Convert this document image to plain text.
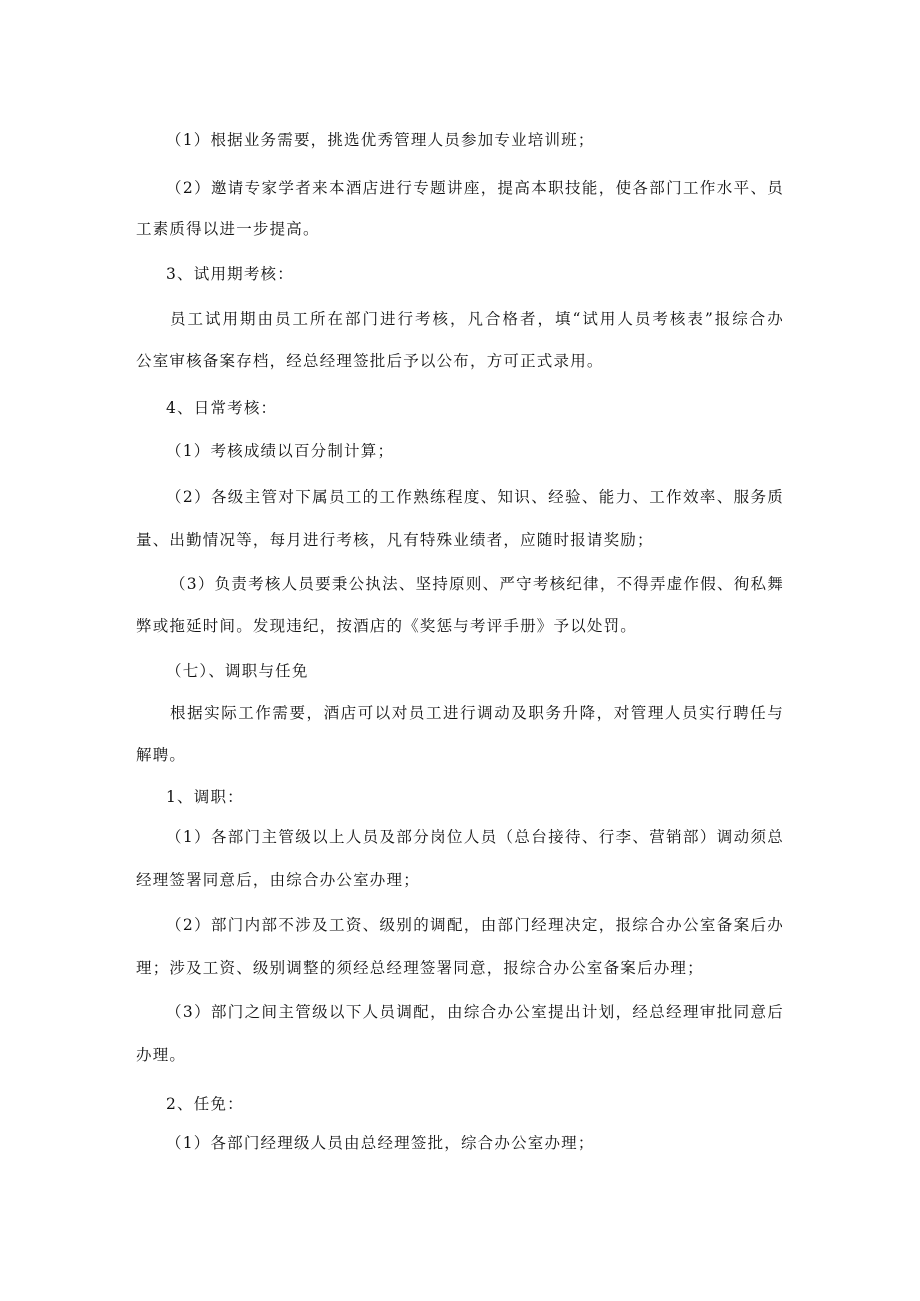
（1）根据业务需要，挑选优秀管理人员参加专业培训班；
（2）邀请专家学者来本酒店进行专题讲座，提高本职技能，使各部门工作水平、员
工素质得以进一步提高。
3、试用期考核：
员工试用期由员工所在部门进行考核，凡合格者，填“试用人员考核表”报综合办
公室审核备案存档，经总经理签批后予以公布，方可正式录用。
4、日常考核：
（1）考核成绩以百分制计算；
（2）各级主管对下属员工的工作熟练程度、知识、经验、能力、工作效率、服务质
量、出勤情况等，每月进行考核，凡有特殊业绩者，应随时报请奖励；
（3）负责考核人员要秉公执法、坚持原则、严守考核纪律，不得弄虚作假、徇私舞
弊或拖延时间。发现违纪，按酒店的《奖惩与考评手册》予以处罚。
（七）、调职与任免
根据实际工作需要，酒店可以对员工进行调动及职务升降，对管理人员实行聘任与
解聘。
1、调职：
（1）各部门主管级以上人员及部分岗位人员（总台接待、行李、营销部）调动须总
经理签署同意后，由综合办公室办理；
（2）部门内部不涉及工资、级别的调配，由部门经理决定，报综合办公室备案后办
理；涉及工资、级别调整的须经总经理签署同意，报综合办公室备案后办理；
（3）部门之间主管级以下人员调配，由综合办公室提出计划，经总经理审批同意后
办理。
2、任免：
（1）各部门经理级人员由总经理签批，综合办公室办理；
